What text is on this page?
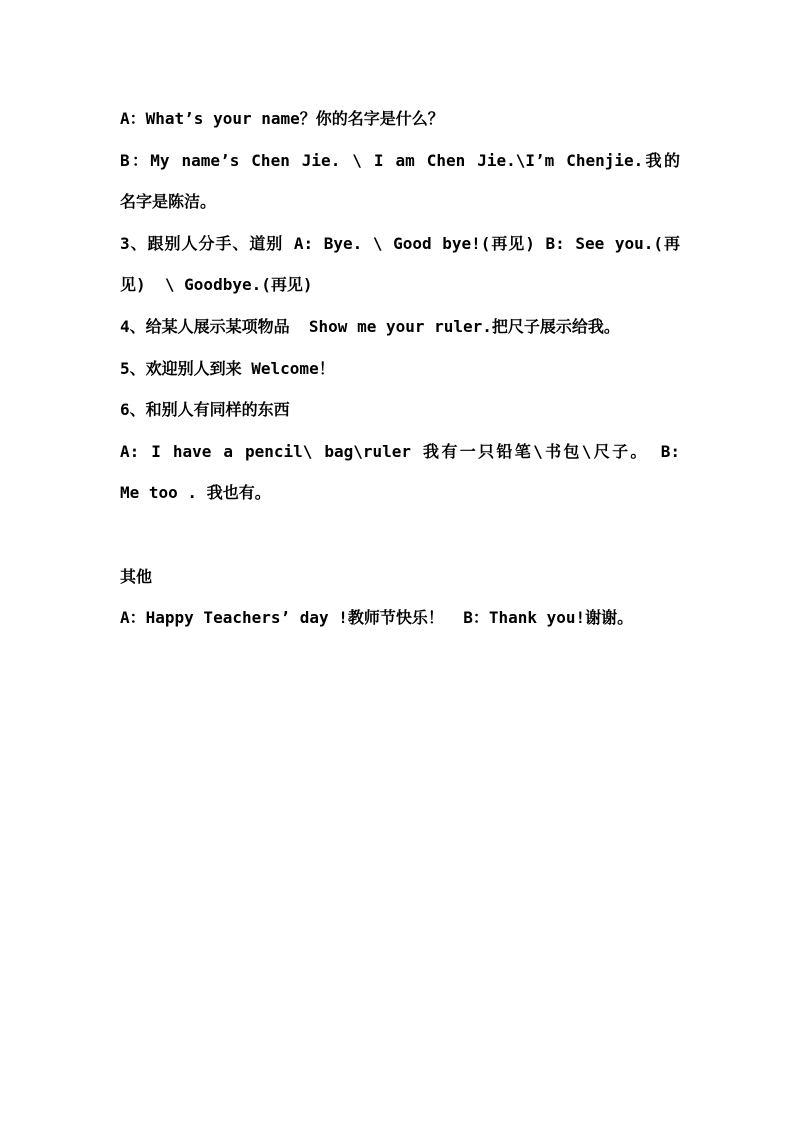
A：What’s your name？你的名字是什么？
B：My name’s Chen Jie. \ I am Chen Jie.\I’m Chenjie.我的
名字是陈洁。
3、跟别人分手、道别 A: Bye. \ Good bye!(再见) B: See you.(再
见)  \ Goodbye.(再见)
4、给某人展示某项物品  Show me your ruler.把尺子展示给我。
5、欢迎别人到来 Welcome！
6、和别人有同样的东西
A: I have a pencil\ bag\ruler 我有一只铅笔\书包\尺子。 B:
Me too . 我也有。
其他
A：Happy Teachers’ day !教师节快乐！  B：Thank you!谢谢。
